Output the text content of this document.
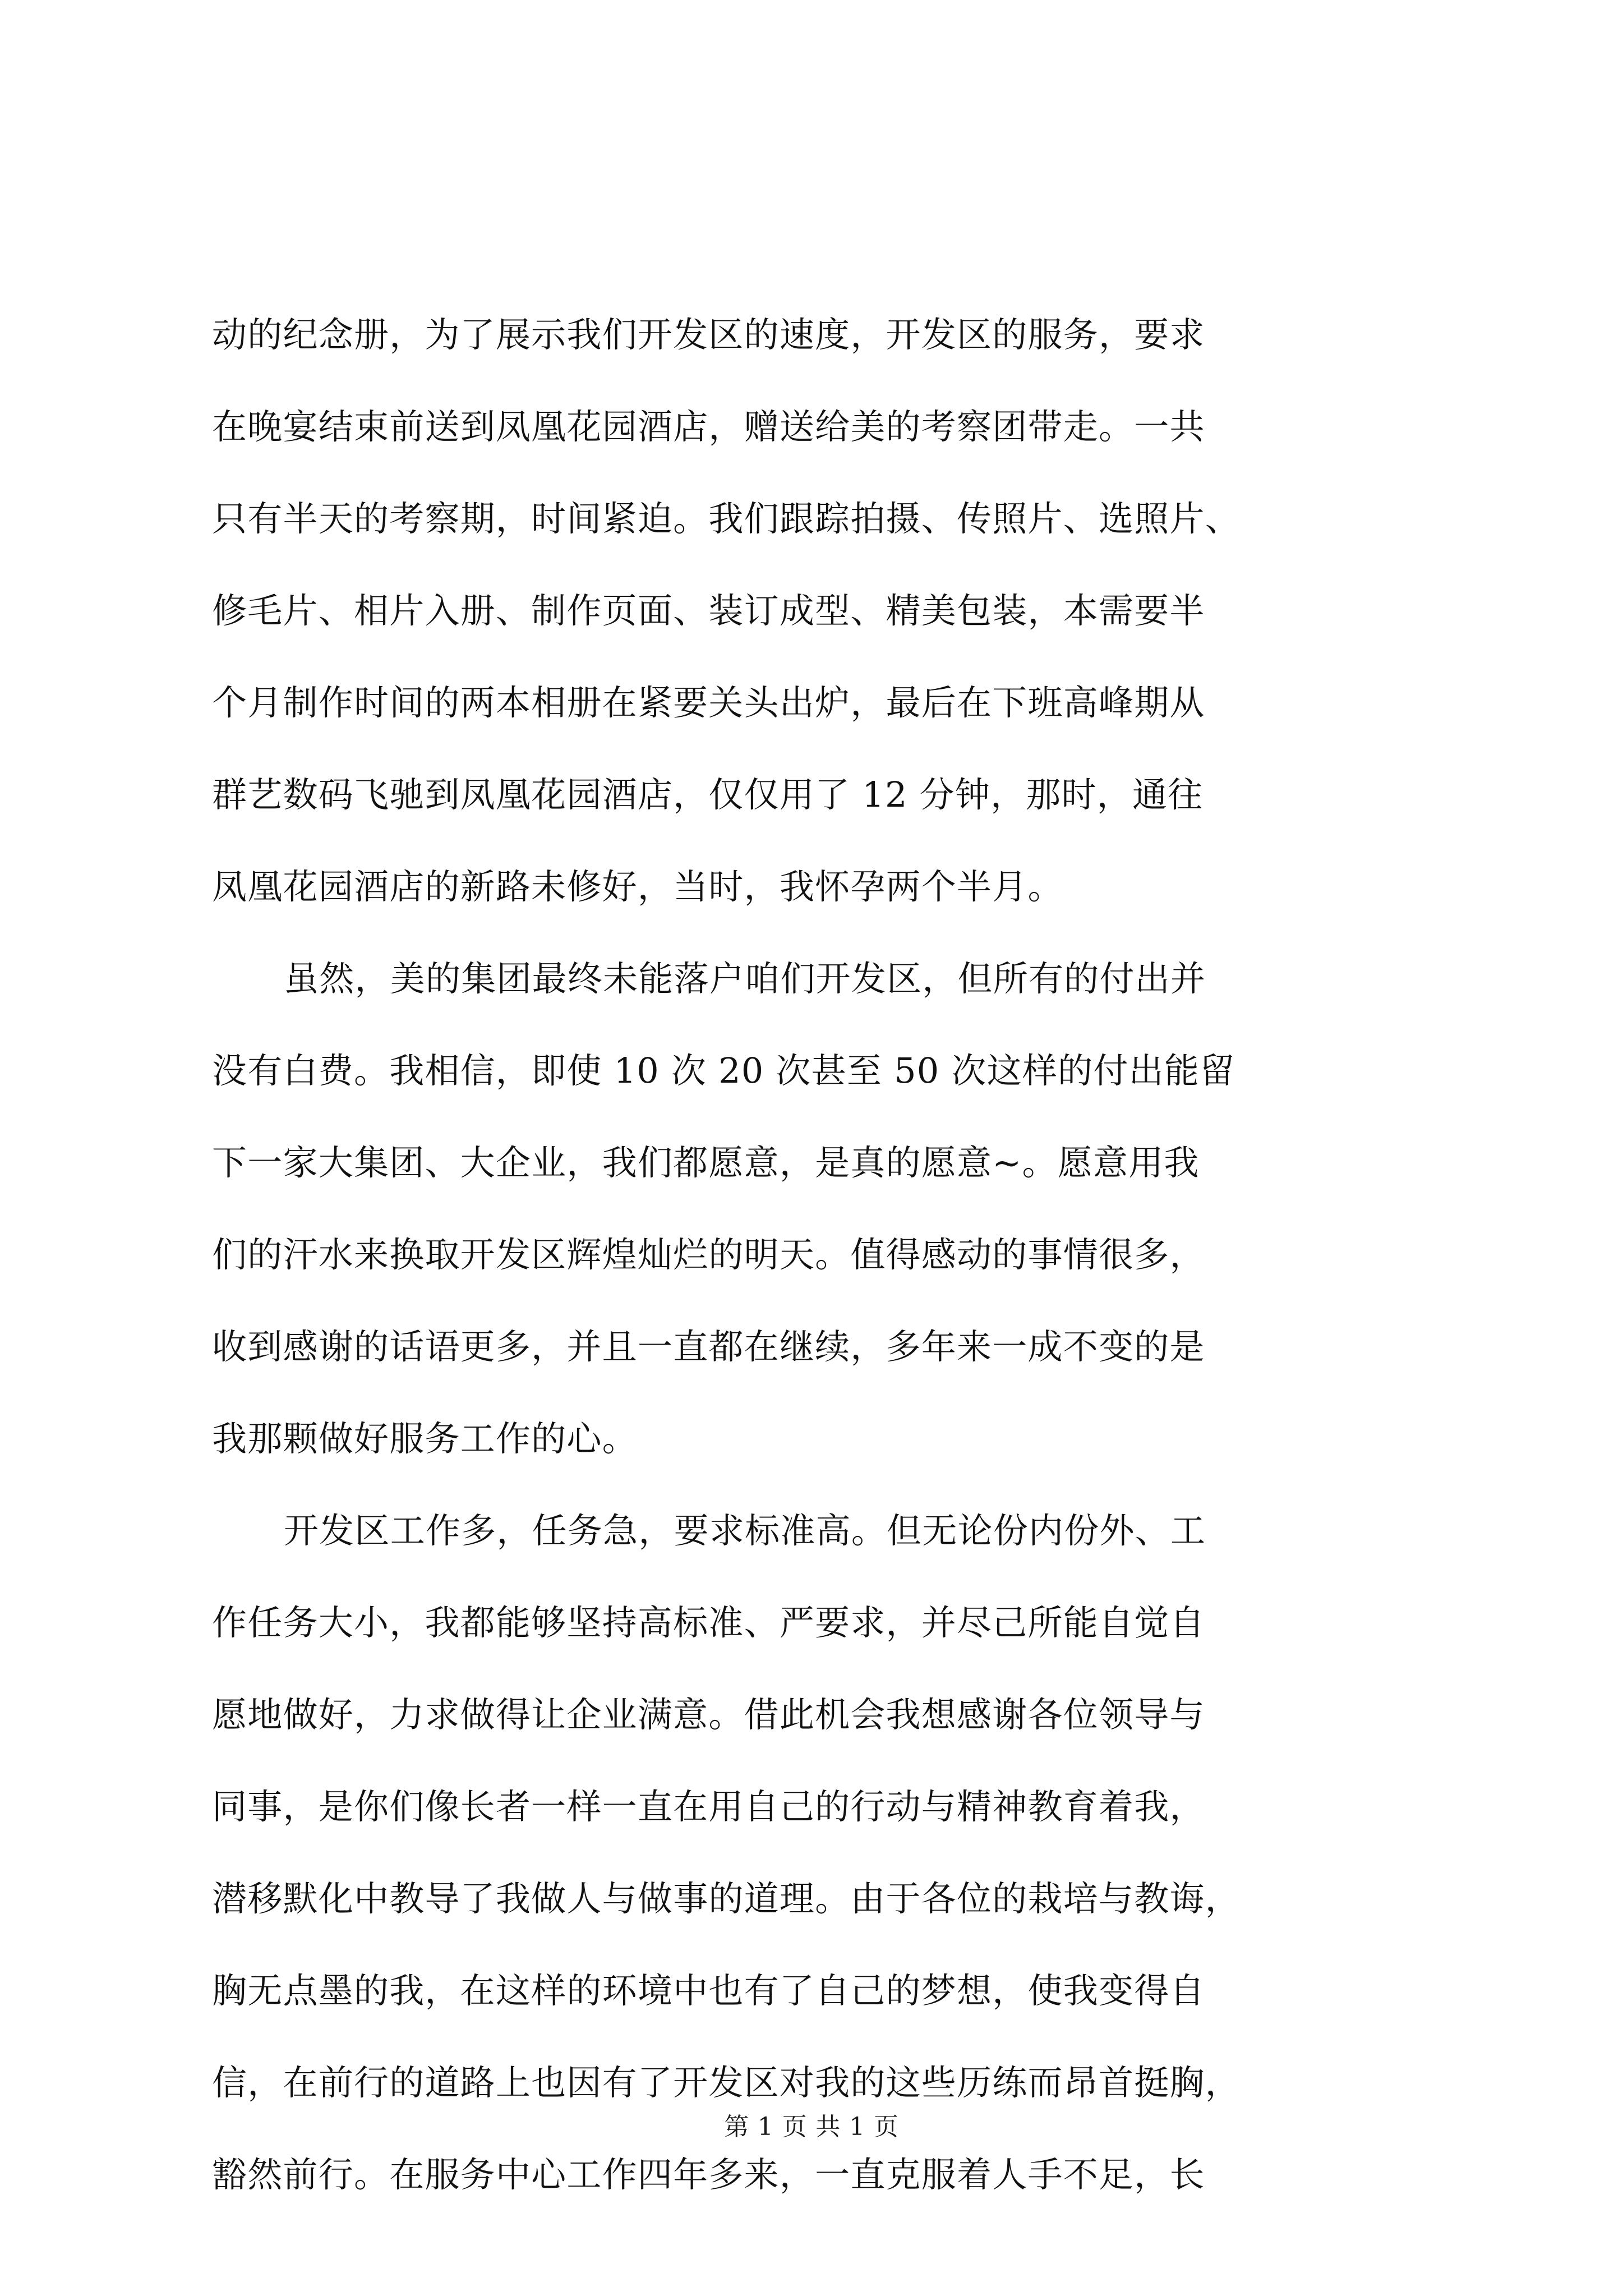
动的纪念册，为了展示我们开发区的速度，开发区的服务，要求
在晚宴结束前送到凤凰花园酒店，赠送给美的考察团带走。一共
只有半天的考察期，时间紧迫。我们跟踪拍摄、传照片、选照片、
修毛片、相片入册、制作页面、装订成型、精美包装，本需要半
个月制作时间的两本相册在紧要关头出炉，最后在下班高峰期从
群艺数码飞驰到凤凰花园酒店，仅仅用了 12 分钟，那时，通往
凤凰花园酒店的新路未修好，当时，我怀孕两个半月。
虽然，美的集团最终未能落户咱们开发区，但所有的付出并
没有白费。我相信，即使 10 次 20 次甚至 50 次这样的付出能留
下一家大集团、大企业，我们都愿意，是真的愿意~。愿意用我
们的汗水来换取开发区辉煌灿烂的明天。值得感动的事情很多，
收到感谢的话语更多，并且一直都在继续，多年来一成不变的是
我那颗做好服务工作的心。
开发区工作多，任务急，要求标准高。但无论份内份外、工
作任务大小，我都能够坚持高标准、严要求，并尽己所能自觉自
愿地做好，力求做得让企业满意。借此机会我想感谢各位领导与
同事，是你们像长者一样一直在用自己的行动与精神教育着我，
潜移默化中教导了我做人与做事的道理。由于各位的栽培与教诲，
胸无点墨的我，在这样的环境中也有了自己的梦想，使我变得自
信，在前行的道路上也因有了开发区对我的这些历练而昂首挺胸，
豁然前行。在服务中心工作四年多来，一直克服着人手不足，长
第 1 页 共 1 页
